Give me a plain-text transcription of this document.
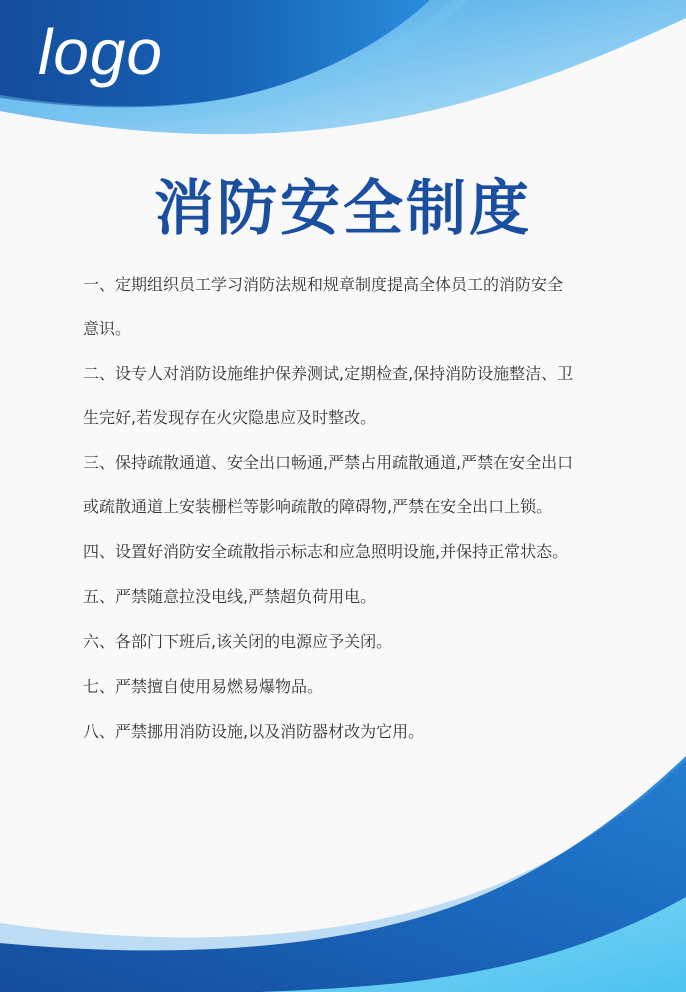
logo
消防安全制度
一、定期组织员工学习消防法规和规章制度提高全体员工的消防安全
意识。
二、设专人对消防设施维护保养测试,定期检查,保持消防设施整洁、卫
生完好,若发现存在火灾隐患应及时整改。
三、保持疏散通道、安全出口畅通,严禁占用疏散通道,严禁在安全出口
或疏散通道上安装栅栏等影响疏散的障碍物,严禁在安全出口上锁。
四、设置好消防安全疏散指示标志和应急照明设施,并保持正常状态。
五、严禁随意拉没电线,严禁超负荷用电。
六、各部门下班后,该关闭的电源应予关闭。
七、严禁擅自使用易燃易爆物品。
八、严禁挪用消防设施,以及消防器材改为它用。
